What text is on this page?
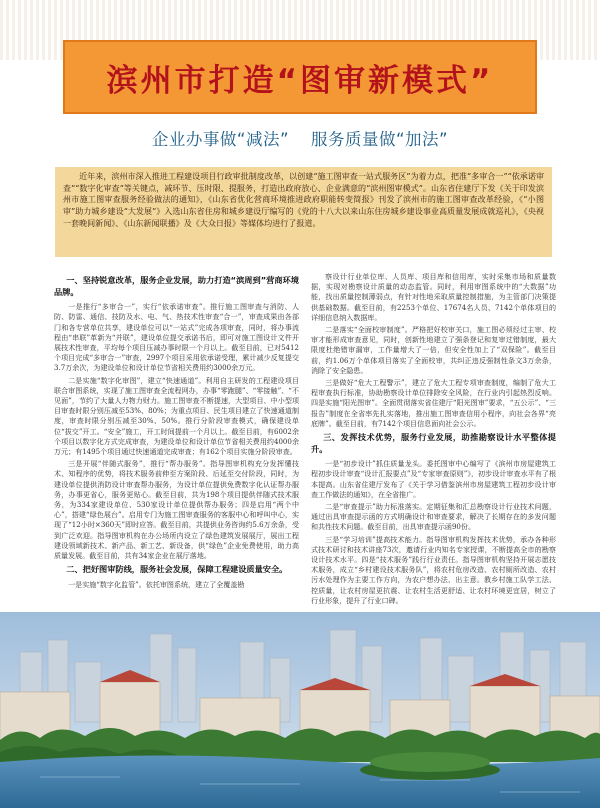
滨州市打造“图审新模式”
企业办事做“减法” 服务质量做“加法”

近年来，滨州市深入推进工程建设项目行政审批制度改革，以创建“施工图审查一站式服务区”为着力点，把准“多审合一”“依承诺审查”“数字化审查”等关键点，减环节、压时限、提服务，打造出政府放心、企业满意的“滨州图审模式”。山东省住建厅下发《关于印发滨州市施工图审查服务经验做法的通知》，《山东省优化营商环境推进政府职能转变简报》刊发了滨州市的施工图审查改革经验，《“小图审”助力城乡建设“大发展”》入选山东省住房和城乡建设厅编写的《党的十八大以来山东住房城乡建设事业高质量发展成就巡礼》，《央视一套晚间新闻》、《山东新闻联播》及《大众日报》等媒体均进行了报道。

一、坚持锐意改革，服务企业发展，助力打造“滨周到”营商环境品牌。

一是推行“多审合一”，实行“依承诺审查”。推行施工图审查与消防、人防、防雷、通信、技防及水、电、气、热技术性审查“合一”，审查成果由各部门和各专营单位共享，建设单位可以“一站式”完成各项审查，同时，将办事流程由“串联”革新为“并联”，建设单位提交承诺书后，即可对施工图设计文件开展技术性审查，平均每个项目压减办事时限一个月以上。截至目前，已对5412个项目完成“多审合一”审查，2997个项目采用依承诺受理，累计减少反复提交3.7万余次，为建设单位和设计单位节省相关费用约3000余万元。

二是实施“数字化审图”，建立“快速通道”。利用自主研发的工程建设项目联合审图系统，实现了施工图审查全流程网办，办事“零跑腿”、“零接触”、“不见面”，节约了大量人力物力财力。施工图审查不断提速，大型项目、中小型项目审查时限分别压减至53%、80%；为重点项目、民生项目建立了快速通道制度，审查时限分别压减至30%、50%。推行分阶段审查模式，确保建设单位“拔交”开工。“安全”施工，开工时间提前一个月以上。截至目前，有6002余个项目以数字化方式完成审查，为建设单位和设计单位节省相关费用约4000余万元；有1495个项目通过快速通道完成审查；有162个项目实施分阶段审查。

三是开展“伴随式服务”，推行“帮办服务”。指导图审机构充分发挥懂技术、知程序的优势，将技术服务前伸至方案阶段、后延至交付阶段，同时，为建设单位提供消防设计审查帮办服务，为设计单位提供免费数字化认证帮办服务，办事更省心，服务更贴心。截至目前，共为198个项目提供伴随式技术服务，为334家建设单位、530家设计单位提供帮办服务；四是启用“两个中心”，搭建“绿色展台”。启用专门为施工图审查服务的客服中心和呼叫中心，实现了“12小时×360天”即时应答。截至目前，共提供业务咨询约5.6万余条，受到广泛欢迎。指导图审机构在办公场所内设立了绿色建筑发展展厅，展出工程建设领域新技术、新产品、新工艺、新设备，供“绿色”企业免费使用，助力高质量发展。截至目前，共有34家企业在展厅落地。

二、把好图审防线，服务社会发展，保障工程建设质量安全。

一是实施“数字化监管”。依托审图系统，建立了全覆盖勘

察设计行业单位库、人员库、项目库和信用库，实时采集市场和质量数据，实现对勘察设计质量的动态监管。同时，利用审图系统中的“大数据”功能，找出质量控制薄弱点，有针对性地采取质量控制措施，为主管部门决策提供基础数据。截至目前，有2253个单位、17674名人员、7142个单体项目的详细信息纳入数据库。

二是落实“全面校审制度”。严格把好校审关口，施工图必须经过主审、校审才能形成审查意见，同时，创新性地建立了强条登记和复审过错制度，最大限度杜绝错审漏审，工作量增大了一倍，但安全性加上了“双保险”。截至目前，约1.06万个单体项目落实了全面校审，共纠正违反强制性条文3万余条，消除了安全隐患。

三是做好“危大工程警示”，建立了危大工程专项审查制度，编制了危大工程审查执行标准，协助勘察设计单位排除安全风险，在行业内引起热烈反响。四是实施“阳光图审”。全面贯彻落实省住建厅“阳光图审”要求，“五公示”、“三报告”制度在全省率先扎实落地，推出施工图审查信用小程序，向社会各界“亮底牌”。截至目前，有7142个项目信息面向社会公示。

三、发挥技术优势，服务行业发展，助推勘察设计水平整体提升。

一是“初步设计”抓住质量龙头。委托图审中心编写了《滨州市房屋建筑工程初步设计审查“设计汇报要点”及“专家审查原则”》，初步设计审查水平有了根本提高。山东省住建厅发布了《关于学习借鉴滨州市房屋建筑工程初步设计审查工作做法的通知》，在全省推广。

二是“审查提示”助力标准落实。定期征集和汇总勘察设计行业技术问题，通过出具审查提示函的方式明确设计和审查要求，解决了长期存在的多发问题和共性技术问题。截至目前，出具审查提示函90份。

三是“学习培训”提高技术能力。指导图审机构发挥技术优势，承办各种形式技术研讨和技术讲座73次，邀请行业内知名专家授课，不断提高全市的勘察设计技术水平。四是“技术服务”践行行业责任。指导图审机构坚持开展志愿技术服务，成立“乡村建设技术服务队”，将农村危房改造、农村厕所改造、农村污水处理作为主要工作方向，为农户想办法、出主意。教乡村施工队学工法、控质量，让农村房屋更抗震、让农村生活更舒适、让农村环境更宜居，树立了行业形象，提升了行业口碑。
